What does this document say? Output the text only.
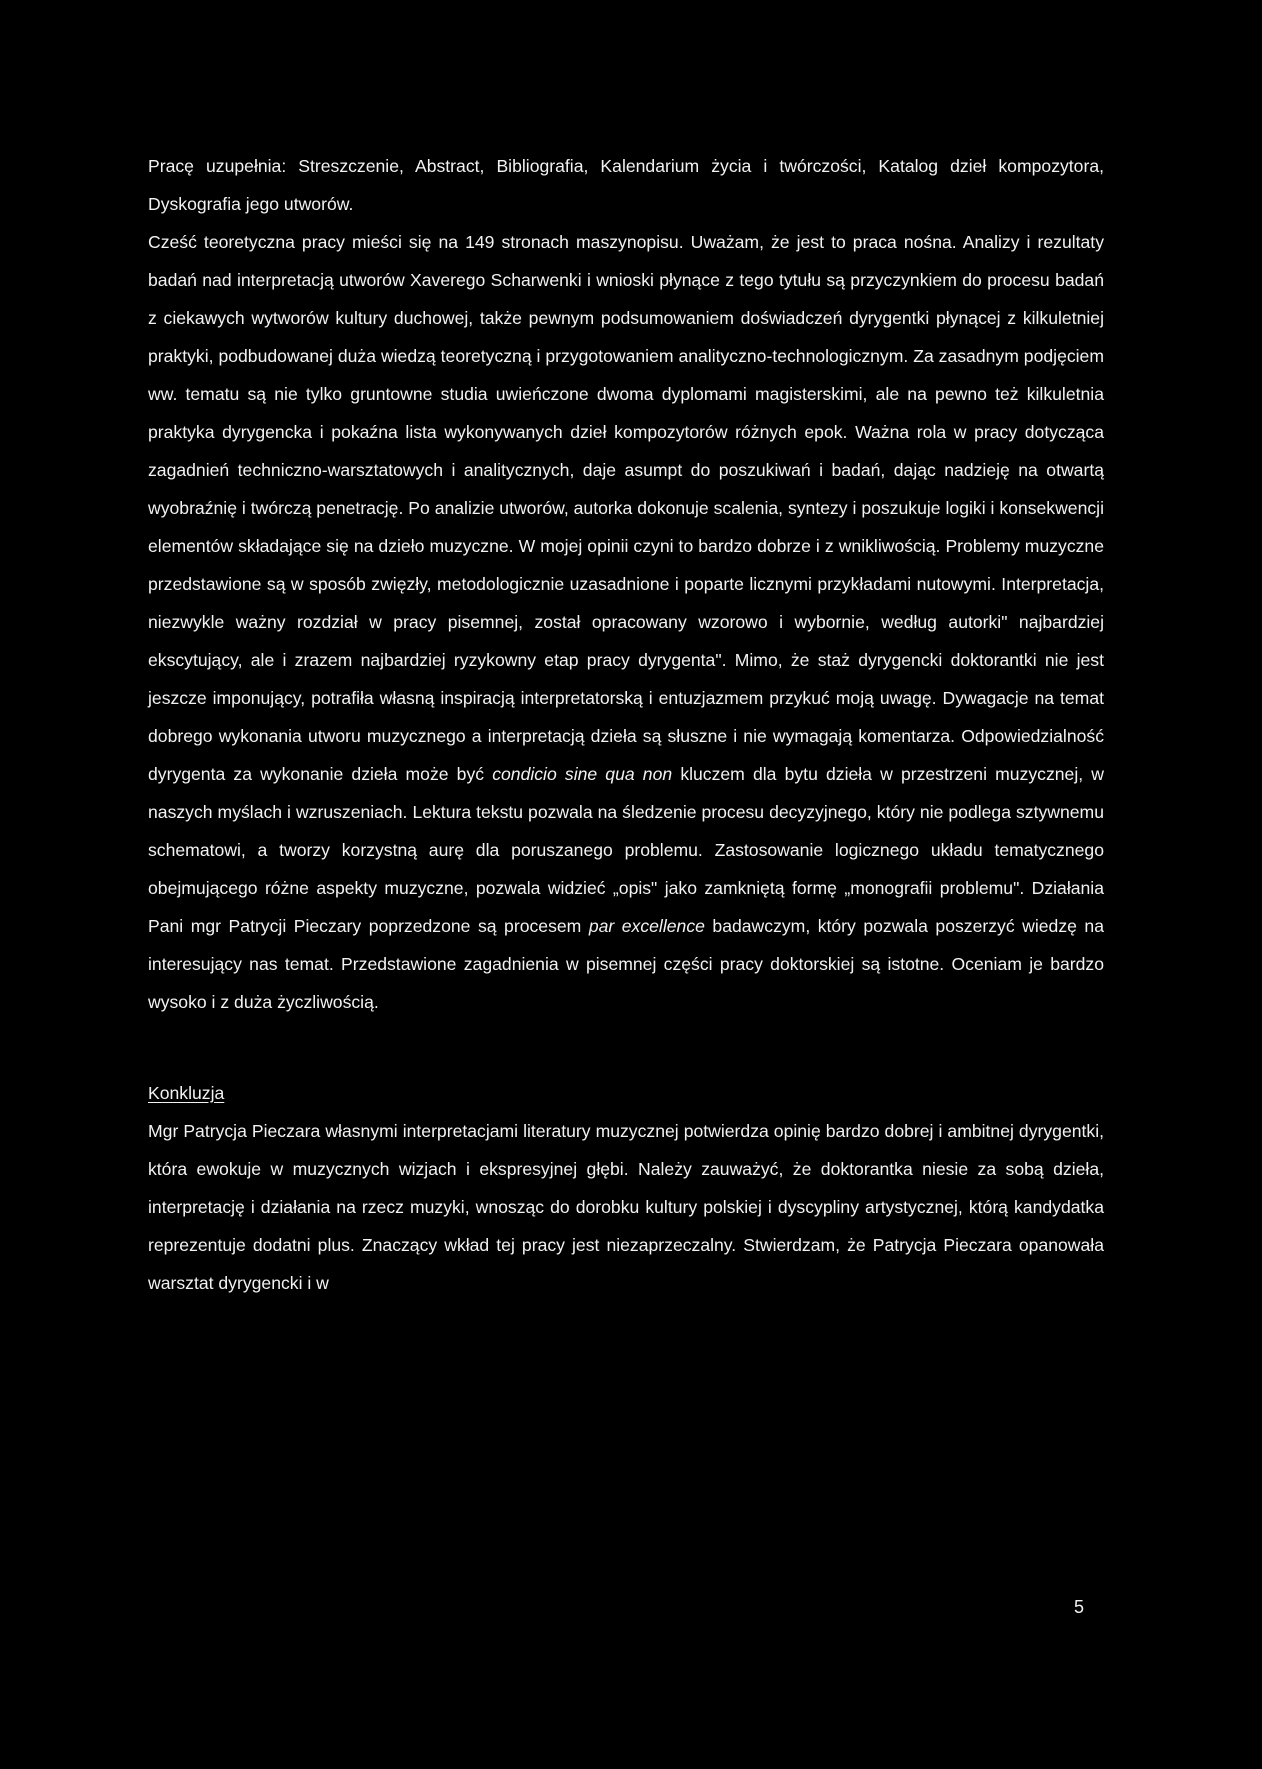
Pracę uzupełnia: Streszczenie, Abstract, Bibliografia, Kalendarium życia i twórczości, Katalog dzieł kompozytora, Dyskografia jego utworów.

Cześć teoretyczna pracy mieści się na 149 stronach maszynopisu. Uważam, że jest to praca nośna. Analizy i rezultaty badań nad interpretacją utworów Xaverego Scharwenki i wnioski płynące z tego tytułu są przyczynkiem do procesu badań z ciekawych wytworów kultury duchowej, także pewnym podsumowaniem doświadczeń dyrygentki płynącej z kilkuletniej praktyki, podbudowanej duża wiedzą teoretyczną i przygotowaniem analityczno-technologicznym. Za zasadnym podjęciem ww. tematu są nie tylko gruntowne studia uwieńczone dwoma dyplomami magisterskimi, ale na pewno też kilkuletnia praktyka dyrygencka i pokaźna lista wykonywanych dzieł kompozytorów różnych epok. Ważna rola w pracy dotycząca zagadnień techniczno-warsztatowych i analitycznych, daje asumpt do poszukiwań i badań, dając nadzieję na otwartą wyobraźnię i twórczą penetrację. Po analizie utworów, autorka dokonuje scalenia, syntezy i poszukuje logiki i konsekwencji elementów składające się na dzieło muzyczne. W mojej opinii czyni to bardzo dobrze i z wnikliwością. Problemy muzyczne przedstawione są w sposób zwięzły, metodologicznie uzasadnione i poparte licznymi przykładami nutowymi. Interpretacja, niezwykle ważny rozdział w pracy pisemnej, został opracowany wzorowo i wybornie, według autorki" najbardziej ekscytujący, ale i zrazem najbardziej ryzykowny etap pracy dyrygenta". Mimo, że staż dyrygencki doktorantki nie jest jeszcze imponujący, potrafiła własną inspiracją interpretatorską i entuzjazmem przykuć moją uwagę. Dywagacje na temat dobrego wykonania utworu muzycznego a interpretacją dzieła są słuszne i nie wymagają komentarza. Odpowiedzialność dyrygenta za wykonanie dzieła może być condicio sine qua non kluczem dla bytu dzieła w przestrzeni muzycznej, w naszych myślach i wzruszeniach. Lektura tekstu pozwala na śledzenie procesu decyzyjnego, który nie podlega sztywnemu schematowi, a tworzy korzystną aurę dla poruszanego problemu. Zastosowanie logicznego układu tematycznego obejmującego różne aspekty muzyczne, pozwala widzieć „opis" jako zamkniętą formę „monografii problemu". Działania Pani mgr Patrycji Pieczary poprzedzone są procesem par excellence badawczym, który pozwala poszerzyć wiedzę na interesujący nas temat. Przedstawione zagadnienia w pisemnej części pracy doktorskiej są istotne. Oceniam je bardzo wysoko i z duża życzliwością.

Konkluzja

Mgr Patrycja Pieczara własnymi interpretacjami literatury muzycznej potwierdza opinię bardzo dobrej i ambitnej dyrygentki, która ewokuje w muzycznych wizjach i ekspresyjnej głębi. Należy zauważyć, że doktorantka niesie za sobą dzieła, interpretację i działania na rzecz muzyki, wnosząc do dorobku kultury polskiej i dyscypliny artystycznej, którą kandydatka reprezentuje dodatni plus. Znaczący wkład tej pracy jest niezaprzeczalny. Stwierdzam, że Patrycja Pieczara opanowała warsztat dyrygencki i w

5
